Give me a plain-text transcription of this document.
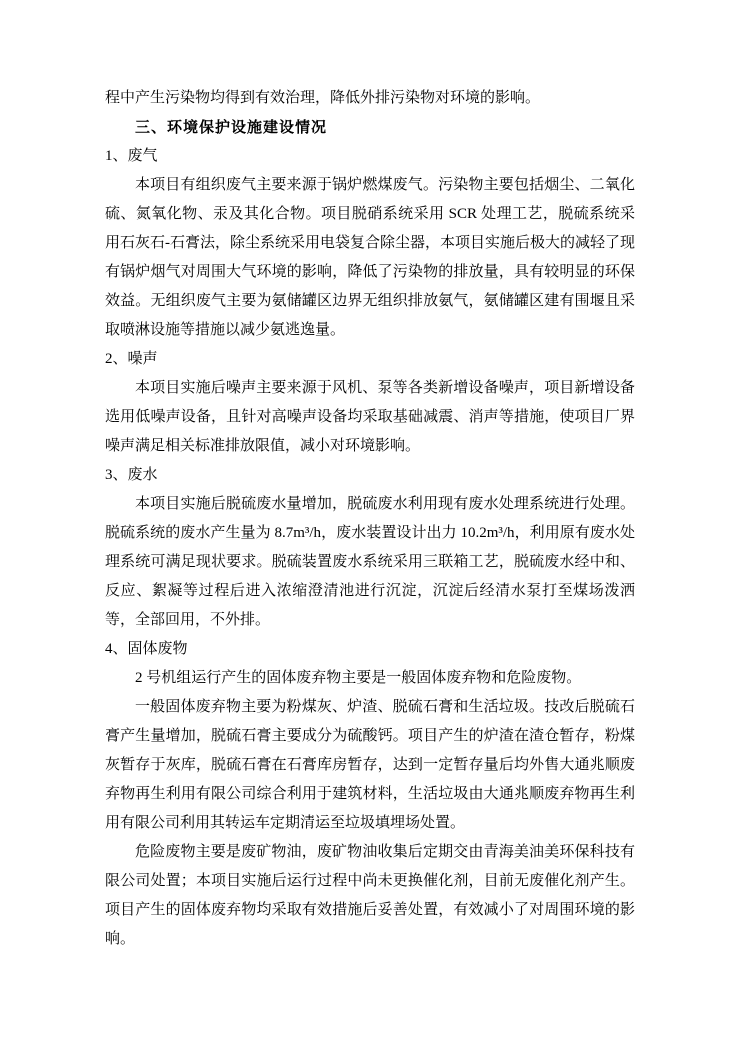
程中产生污染物均得到有效治理，降低外排污染物对环境的影响。

三、环境保护设施建设情况

1、废气

本项目有组织废气主要来源于锅炉燃煤废气。污染物主要包括烟尘、二氧化硫、氮氧化物、汞及其化合物。项目脱硝系统采用 SCR 处理工艺，脱硫系统采用石灰石-石膏法，除尘系统采用电袋复合除尘器，本项目实施后极大的减轻了现有锅炉烟气对周围大气环境的影响，降低了污染物的排放量，具有较明显的环保效益。无组织废气主要为氨储罐区边界无组织排放氨气，氨储罐区建有围堰且采取喷淋设施等措施以减少氨逃逸量。

2、噪声

本项目实施后噪声主要来源于风机、泵等各类新增设备噪声，项目新增设备选用低噪声设备，且针对高噪声设备均采取基础减震、消声等措施，使项目厂界噪声满足相关标准排放限值，减小对环境影响。

3、废水

本项目实施后脱硫废水量增加，脱硫废水利用现有废水处理系统进行处理。脱硫系统的废水产生量为 8.7m³/h，废水装置设计出力 10.2m³/h，利用原有废水处理系统可满足现状要求。脱硫装置废水系统采用三联箱工艺，脱硫废水经中和、反应、絮凝等过程后进入浓缩澄清池进行沉淀，沉淀后经清水泵打至煤场泼洒等，全部回用，不外排。

4、固体废物

2 号机组运行产生的固体废弃物主要是一般固体废弃物和危险废物。

一般固体废弃物主要为粉煤灰、炉渣、脱硫石膏和生活垃圾。技改后脱硫石膏产生量增加，脱硫石膏主要成分为硫酸钙。项目产生的炉渣在渣仓暂存，粉煤灰暂存于灰库，脱硫石膏在石膏库房暂存，达到一定暂存量后均外售大通兆顺废弃物再生利用有限公司综合利用于建筑材料，生活垃圾由大通兆顺废弃物再生利用有限公司利用其转运车定期清运至垃圾填埋场处置。

危险废物主要是废矿物油，废矿物油收集后定期交由青海美油美环保科技有限公司处置；本项目实施后运行过程中尚未更换催化剂，目前无废催化剂产生。项目产生的固体废弃物均采取有效措施后妥善处置，有效减小了对周围环境的影响。
